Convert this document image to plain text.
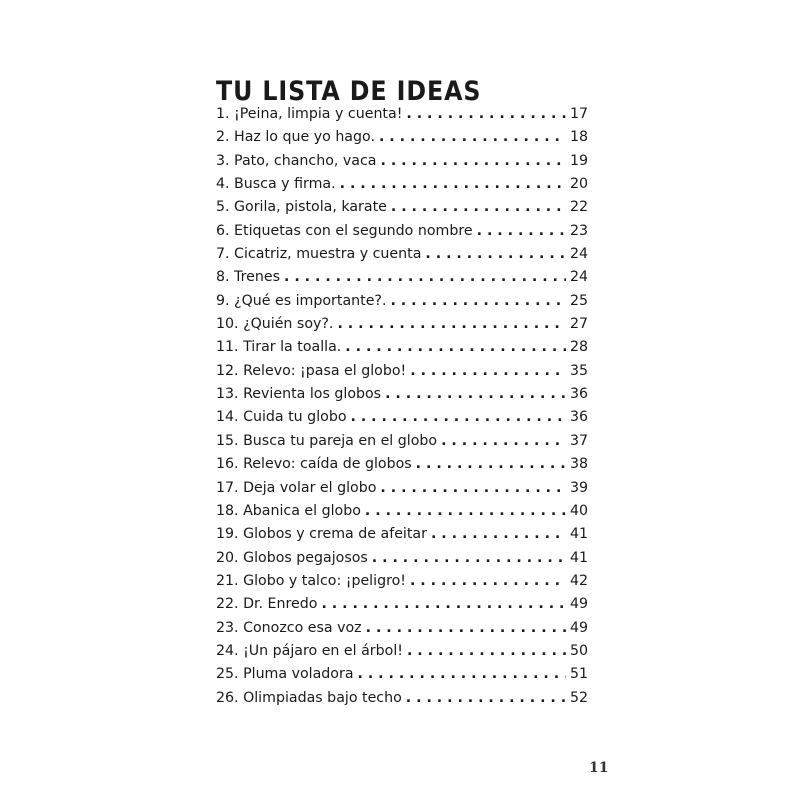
TU LISTA DE IDEAS
1. ¡Peina, limpia y cuenta! . . .	17
2. Haz lo que yo hago. . . .	18
3. Pato, chancho, vaca . . .	19
4. Busca y firma. . . .	20
5. Gorila, pistola, karate . . .	22
6. Etiquetas con el segundo nombre . . .	23
7. Cicatriz, muestra y cuenta . . .	24
8. Trenes . . .	24
9. ¿Qué es importante?. . . .	25
10. ¿Quién soy?. . . .	27
11. Tirar la toalla. . . .	28
12. Relevo: ¡pasa el globo! . . .	35
13. Revienta los globos . . .	36
14. Cuida tu globo . . .	36
15. Busca tu pareja en el globo . . .	37
16. Relevo: caída de globos . . .	38
17. Deja volar el globo . . .	39
18. Abanica el globo . . .	40
19. Globos y crema de afeitar . . .	41
20. Globos pegajosos . . .	41
21. Globo y talco: ¡peligro! . . .	42
22. Dr. Enredo . . .	49
23. Conozco esa voz . . .	49
24. ¡Un pájaro en el árbol! . . .	50
25. Pluma voladora . . .	51
26. Olimpiadas bajo techo . . .	52
11
